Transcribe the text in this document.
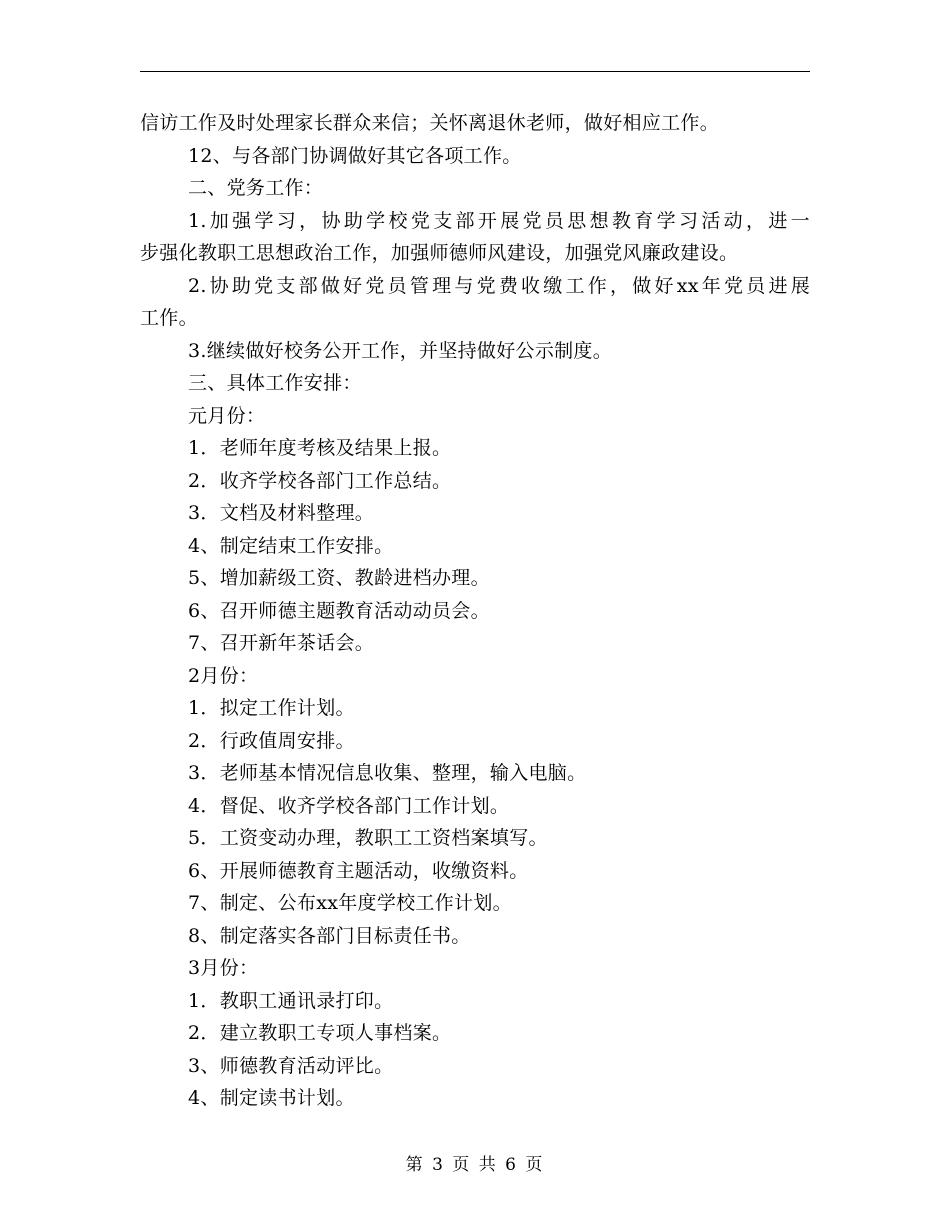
信访工作及时处理家长群众来信；关怀离退休老师，做好相应工作。
12、与各部门协调做好其它各项工作。
二、党务工作：
1.加强学习，协助学校党支部开展党员思想教育学习活动，进一
步强化教职工思想政治工作，加强师德师风建设，加强党风廉政建设。
2.协助党支部做好党员管理与党费收缴工作，做好xx年党员进展
工作。
3.继续做好校务公开工作，并坚持做好公示制度。
三、具体工作安排：
元月份：
1．老师年度考核及结果上报。
2．收齐学校各部门工作总结。
3．文档及材料整理。
4、制定结束工作安排。
5、增加薪级工资、教龄进档办理。
6、召开师德主题教育活动动员会。
7、召开新年茶话会。
2月份：
1．拟定工作计划。
2．行政值周安排。
3．老师基本情况信息收集、整理，输入电脑。
4．督促、收齐学校各部门工作计划。
5．工资变动办理，教职工工资档案填写。
6、开展师德教育主题活动，收缴资料。
7、制定、公布xx年度学校工作计划。
8、制定落实各部门目标责任书。
3月份：
1．教职工通讯录打印。
2．建立教职工专项人事档案。
3、师德教育活动评比。
4、制定读书计划。
第 3 页 共 6 页
